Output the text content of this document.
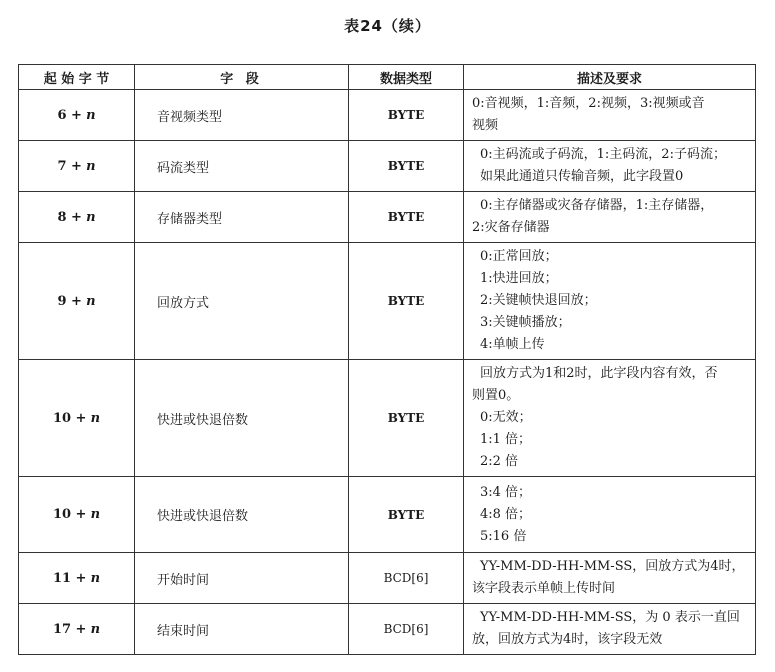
表24（续）
起 始 字 节	字 段	数据类型	描述及要求
6 + n	音视频类型	BYTE	0:音视频，1:音频，2:视频，3:视频或音
视频

7 + n	码流类型	BYTE	0:主码流或子码流，1:主码流，2:子码流；
如果此通道只传输音频，此字段置0

8 + n	存储器类型	BYTE	0:主存储器或灾备存储器，1:主存储器，
2:灾备存储器

9 + n	回放方式	BYTE	0:正常回放；
1:快进回放；
2:关键帧快退回放；
3:关键帧播放；
4:单帧上传

10 + n	快进或快退倍数	BYTE	回放方式为1和2时，此字段内容有效，否
则置0。
0:无效；
1:1 倍；
2:2 倍

10 + n	快进或快退倍数	BYTE	3:4 倍；
4:8 倍；
5:16 倍

11 + n	开始时间	BCD[6]	YY-MM-DD-HH-MM-SS，回放方式为4时，
该字段表示单帧上传时间

17 + n	结束时间	BCD[6]	YY-MM-DD-HH-MM-SS，为 0 表示一直回
放，回放方式为4时，该字段无效
